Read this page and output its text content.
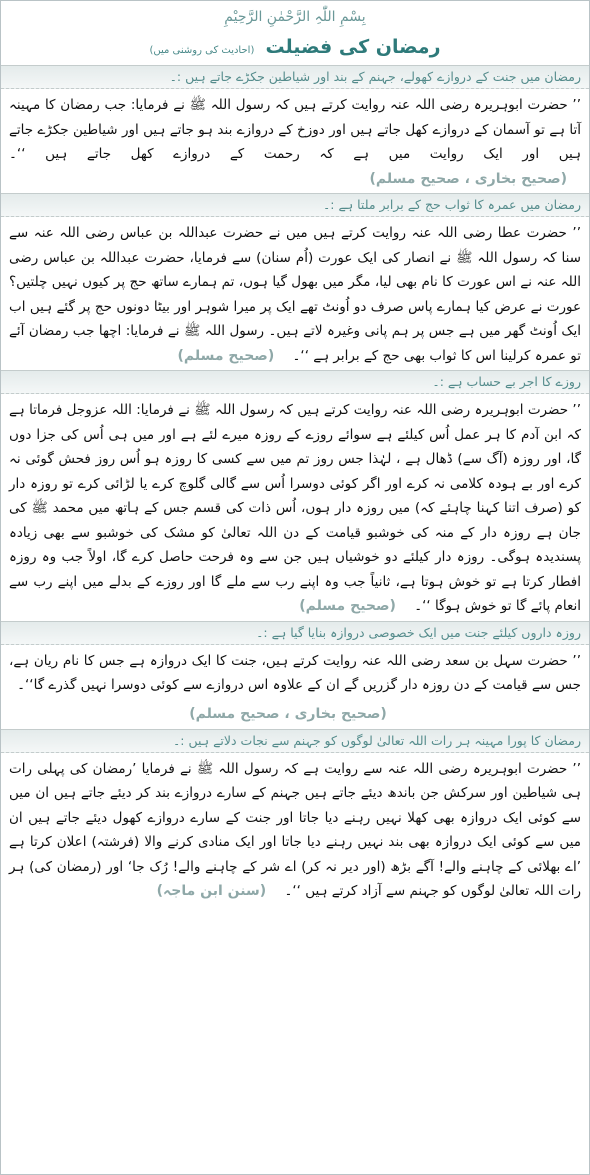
بِسْمِ اللّٰہِ الرَّحْمٰنِ الرَّحِیْمِ
رمضان کی فضیلت (احادیث کی روشنی میں)
رمضان میں جنت کے دروازے کھولے، جہنم کے بند اور شیاطین جکڑے جاتے ہیں :۔
’’ حضرت ابوہریرہ رضی اللہ عنہ روایت کرتے ہیں کہ رسول اللہ ﷺ نے فرمایا: جب رمضان کا مہینہ آتا ہے تو آسمان کے دروازے کھل جاتے ہیں اور دوزخ کے دروازے بند ہو جاتے ہیں اور شیاطین جکڑے جاتے ہیں اور ایک روایت میں ہے کہ رحمت کے دروازے کھل جاتے ہیں ‘‘۔ (صحیح بخاری ، صحیح مسلم)
رمضان میں عمرہ کا ثواب حج کے برابر ملتا ہے :۔
’’ حضرت عطا رضی اللہ عنہ روایت کرتے ہیں میں نے حضرت عبداللہ بن عباس رضی اللہ عنہ سے سنا کہ رسول اللہ ﷺ نے انصار کی ایک عورت (اُم سنان) سے فرمایا، حضرت عبداللہ بن عباس رضی اللہ عنہ نے اس عورت کا نام بھی لیا، مگر میں بھول گیا ہوں، تم ہمارے ساتھ حج پر کیوں نہیں چلتیں؟ عورت نے عرض کیا ہمارے پاس صرف دو اُونٹ تھے ایک پر میرا شوہر اور بیٹا دونوں حج پر گئے ہیں اب ایک اُونٹ گھر میں ہے جس پر ہم پانی وغیرہ لاتے ہیں۔ رسول اللہ ﷺ نے فرمایا: اچھا جب رمضان آئے تو عمرہ کرلینا اس کا ثواب بھی حج کے برابر ہے ‘‘۔ (صحیح مسلم)
روزے کا اجر بے حساب ہے :۔
’’ حضرت ابوہریرہ رضی اللہ عنہ روایت کرتے ہیں کہ رسول اللہ ﷺ نے فرمایا: اللہ عزوجل فرماتا ہے کہ ابن آدم کا ہر عمل اُس کیلئے ہے سوائے روزے کے روزہ میرے لئے ہے اور میں ہی اُس کی جزا دوں گا، اور روزہ (آگ سے) ڈھال ہے ، لہٰذا جس روز تم میں سے کسی کا روزہ ہو اُس روز فحش گوئی نہ کرے اور بے ہودہ کلامی نہ کرے اور اگر کوئی دوسرا اُس سے گالی گلوچ کرے یا لڑائی کرے تو روزہ دار کو (صرف اتنا کہنا چاہئے کہ) میں روزہ دار ہوں، اُس ذات کی قسم جس کے ہاتھ میں محمد ﷺ کی جان ہے روزہ دار کے منہ کی خوشبو قیامت کے دن اللہ تعالیٰ کو مشک کی خوشبو سے بھی زیادہ پسندیدہ ہوگی۔ روزہ دار کیلئے دو خوشیاں ہیں جن سے وہ فرحت حاصل کرے گا، اولاً جب وہ روزہ افطار کرتا ہے تو خوش ہوتا ہے، ثانیاً جب وہ اپنے رب سے ملے گا اور روزے کے بدلے میں اپنے رب سے انعام پائے گا تو خوش ہوگا ‘‘۔ (صحیح مسلم)
روزہ داروں کیلئے جنت میں ایک خصوصی دروازہ بنایا گیا ہے :۔
’’ حضرت سہل بن سعد رضی اللہ عنہ روایت کرتے ہیں، جنت کا ایک دروازہ ہے جس کا نام ریان ہے، جس سے قیامت کے دن روزہ دار گزریں گے ان کے علاوہ اس دروازے سے کوئی دوسرا نہیں گذرے گا‘‘۔
(صحیح بخاری ، صحیح مسلم)
رمضان کا پورا مہینہ ہر رات اللہ تعالیٰ لوگوں کو جہنم سے نجات دلاتے ہیں :۔
’’ حضرت ابوہریرہ رضی اللہ عنہ سے روایت ہے کہ رسول اللہ ﷺ نے فرمایا ’رمضان کی پہلی رات ہی شیاطین اور سرکش جن باندھ دیئے جاتے ہیں جہنم کے سارے دروازے بند کر دیئے جاتے ہیں ان میں سے کوئی ایک دروازہ بھی کھلا نہیں رہنے دیا جاتا اور جنت کے سارے دروازے کھول دیئے جاتے ہیں ان میں سے کوئی ایک دروازہ بھی بند نہیں رہنے دیا جاتا اور ایک منادی کرنے والا (فرشتہ) اعلان کرتا ہے ’اے بھلائی کے چاہنے والے! آگے بڑھ (اور دیر نہ کر) اے شر کے چاہنے والے! رُک جا‘ اور (رمضان کی) ہر رات اللہ تعالیٰ لوگوں کو جہنم سے آزاد کرتے ہیں ‘‘۔ (سنن ابن ماجہ)
